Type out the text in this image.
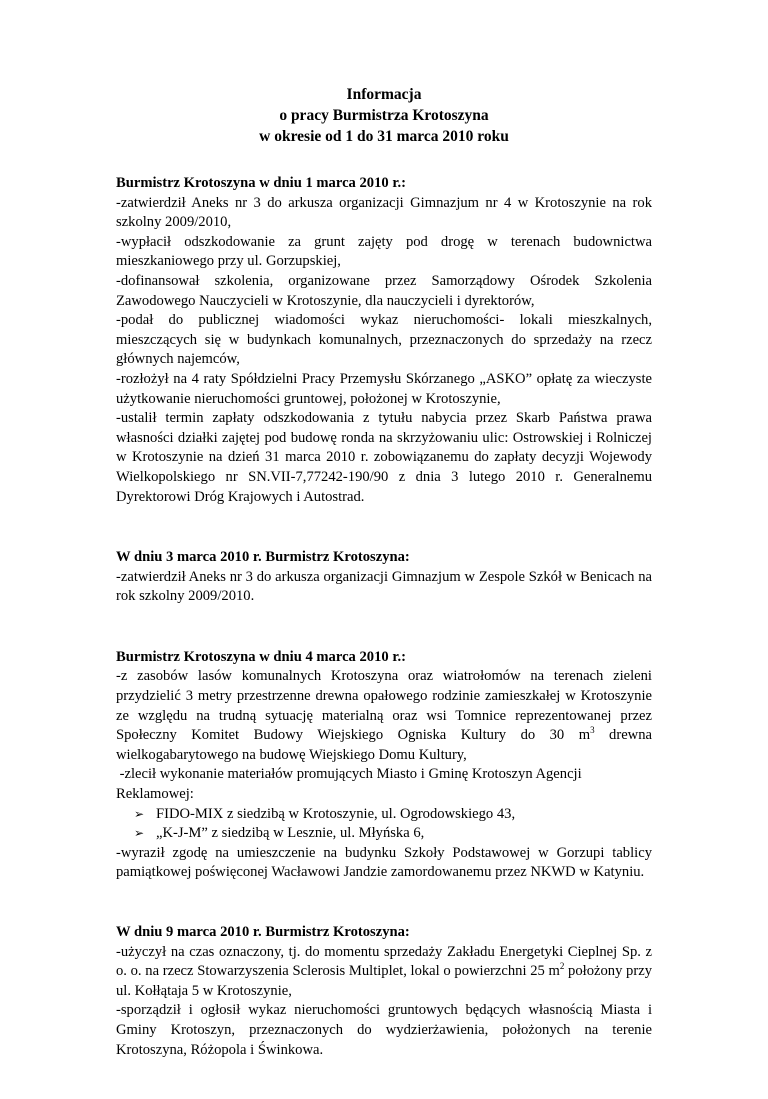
Informacja
o pracy Burmistrza Krotoszyna
w okresie od 1 do 31 marca 2010 roku
Burmistrz Krotoszyna w dniu 1 marca 2010 r.:

-zatwierdził Aneks nr 3 do arkusza organizacji Gimnazjum nr 4 w Krotoszynie na rok szkolny 2009/2010,

-wypłacił odszkodowanie za grunt zajęty pod drogę w terenach budownictwa mieszkaniowego przy ul. Gorzupskiej,

-dofinansował szkolenia, organizowane przez Samorządowy Ośrodek Szkolenia Zawodowego Nauczycieli w Krotoszynie, dla nauczycieli i dyrektorów,

-podał do publicznej wiadomości wykaz nieruchomości- lokali mieszkalnych, mieszczących się w budynkach komunalnych, przeznaczonych do sprzedaży na rzecz głównych najemców,

-rozłożył na 4 raty Spółdzielni Pracy Przemysłu Skórzanego „ASKO” opłatę za wieczyste użytkowanie nieruchomości gruntowej, położonej w Krotoszynie,

-ustalił termin zapłaty odszkodowania z tytułu nabycia przez Skarb Państwa prawa własności działki zajętej pod budowę ronda na skrzyżowaniu ulic: Ostrowskiej i Rolniczej w Krotoszynie na dzień 31 marca 2010 r. zobowiązanemu do zapłaty decyzji Wojewody Wielkopolskiego nr SN.VII-7,77242-190/90 z dnia 3 lutego 2010 r. Generalnemu Dyrektorowi Dróg Krajowych i Autostrad.

W dniu 3 marca 2010 r. Burmistrz Krotoszyna:

-zatwierdził Aneks nr 3 do arkusza organizacji Gimnazjum w Zespole Szkół w Benicach na rok szkolny 2009/2010.

Burmistrz Krotoszyna w dniu 4 marca 2010 r.:

-z zasobów lasów komunalnych Krotoszyna oraz wiatrołomów na terenach zieleni przydzielić 3 metry przestrzenne drewna opałowego rodzinie zamieszkałej w Krotoszynie ze względu na trudną sytuację materialną oraz wsi Tomnice reprezentowanej przez Społeczny Komitet Budowy Wiejskiego Ogniska Kultury do 30 $m^3$ drewna wielkogabarytowego na budowę Wiejskiego Domu Kultury,

-zlecił wykonanie materiałów promujących Miasto i Gminę Krotoszyn Agencji Reklamowej:

➢ FIDO-MIX z siedzibą w Krotoszynie, ul. Ogrodowskiego 43,

➢ „K-J-M” z siedzibą w Lesznie, ul. Młyńska 6,

-wyraził zgodę na umieszczenie na budynku Szkoły Podstawowej w Gorzupi tablicy pamiątkowej poświęconej Wacławowi Jandzie zamordowanemu przez NKWD w Katyniu.

W dniu 9 marca 2010 r. Burmistrz Krotoszyna:

-użyczył na czas oznaczony, tj. do momentu sprzedaży Zakładu Energetyki Cieplnej Sp. z o. o. na rzecz Stowarzyszenia Sclerosis Multiplet, lokal o powierzchni 25 $m^2$ położony przy ul. Kołłątaja 5 w Krotoszynie,

-sporządził i ogłosił wykaz nieruchomości gruntowych będących własnością Miasta i Gminy Krotoszyn, przeznaczonych do wydzierżawienia, położonych na terenie Krotoszyna, Różopola i Świnkowa.
